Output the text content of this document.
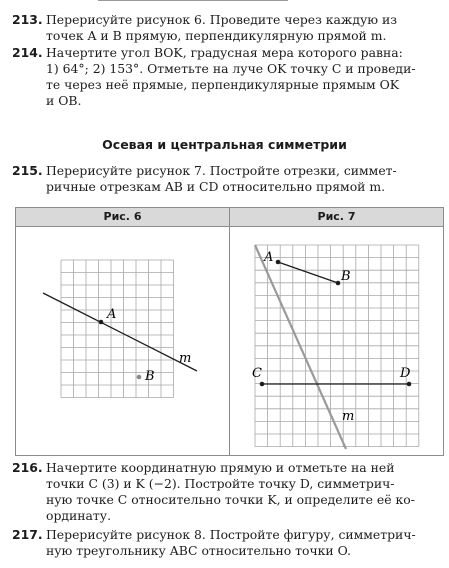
213. Перерисуйте рисунок 6. Проведите через каждую из
точек A и B прямую, перпендикулярную прямой m.
214. Начертите угол BOK, градусная мера которого равна:
1) 64°; 2) 153°. Отметьте на луче OK точку C и проведи-
те через неё прямые, перпендикулярные прямым OK
и OB.
Осевая и центральная симметрии
215. Перерисуйте рисунок 7. Постройте отрезки, симмет-
ричные отрезкам AB и CD относительно прямой m.
Рис. 6	Рис. 7
A
B
m
A
B
C	D
m
216. Начертите координатную прямую и отметьте на ней
точки C (3) и K (−2). Постройте точку D, симметрич-
ную точке C относительно точки K, и определите её ко-
ординату.
217. Перерисуйте рисунок 8. Постройте фигуру, симметрич-
ную треугольнику ABC относительно точки O.
